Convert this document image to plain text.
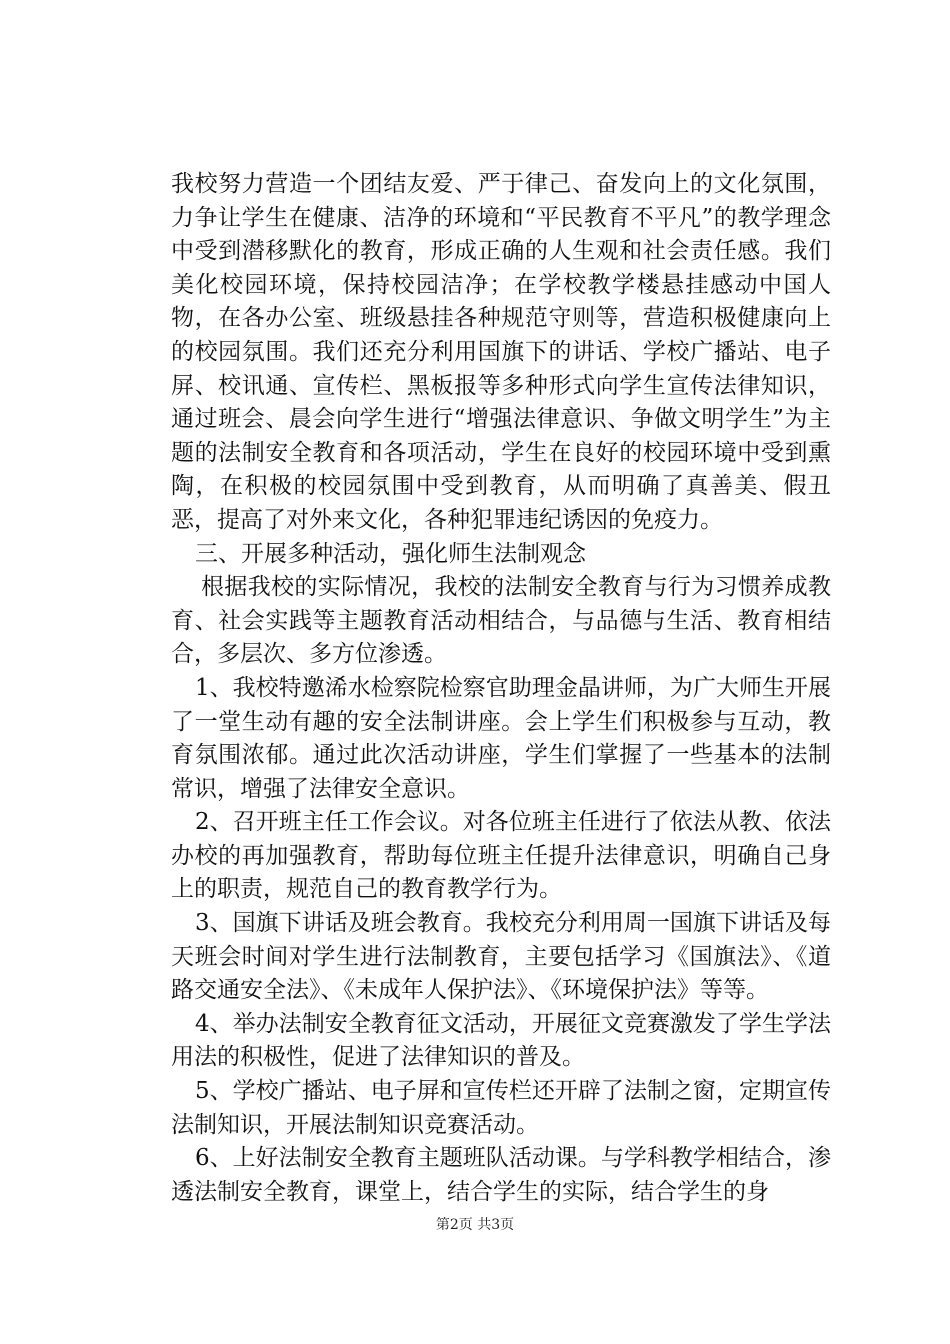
我校努力营造一个团结友爱、严于律己、奋发向上的文化氛围，力争让学生在健康、洁净的环境和“平民教育不平凡”的教学理念中受到潜移默化的教育，形成正确的人生观和社会责任感。我们美化校园环境，保持校园洁净；在学校教学楼悬挂感动中国人物，在各办公室、班级悬挂各种规范守则等，营造积极健康向上的校园氛围。我们还充分利用国旗下的讲话、学校广播站、电子屏、校讯通、宣传栏、黑板报等多种形式向学生宣传法律知识，通过班会、晨会向学生进行“增强法律意识、争做文明学生”为主题的法制安全教育和各项活动，学生在良好的校园环境中受到熏陶，在积极的校园氛围中受到教育，从而明确了真善美、假丑恶，提高了对外来文化，各种犯罪违纪诱因的免疫力。

三、开展多种活动，强化师生法制观念

根据我校的实际情况，我校的法制安全教育与行为习惯养成教育、社会实践等主题教育活动相结合，与品德与生活、教育相结合，多层次、多方位渗透。

1、我校特邀浠水检察院检察官助理金晶讲师，为广大师生开展了一堂生动有趣的安全法制讲座。会上学生们积极参与互动，教育氛围浓郁。通过此次活动讲座，学生们掌握了一些基本的法制常识，增强了法律安全意识。

2、召开班主任工作会议。对各位班主任进行了依法从教、依法办校的再加强教育，帮助每位班主任提升法律意识，明确自己身上的职责，规范自己的教育教学行为。

3、国旗下讲话及班会教育。我校充分利用周一国旗下讲话及每天班会时间对学生进行法制教育，主要包括学习《国旗法》、《道路交通安全法》、《未成年人保护法》、《环境保护法》等等。

4、举办法制安全教育征文活动，开展征文竞赛激发了学生学法用法的积极性，促进了法律知识的普及。

5、学校广播站、电子屏和宣传栏还开辟了法制之窗，定期宣传法制知识，开展法制知识竞赛活动。

6、上好法制安全教育主题班队活动课。与学科教学相结合，渗透法制安全教育，课堂上，结合学生的实际，结合学生的身

第2页 共3页
